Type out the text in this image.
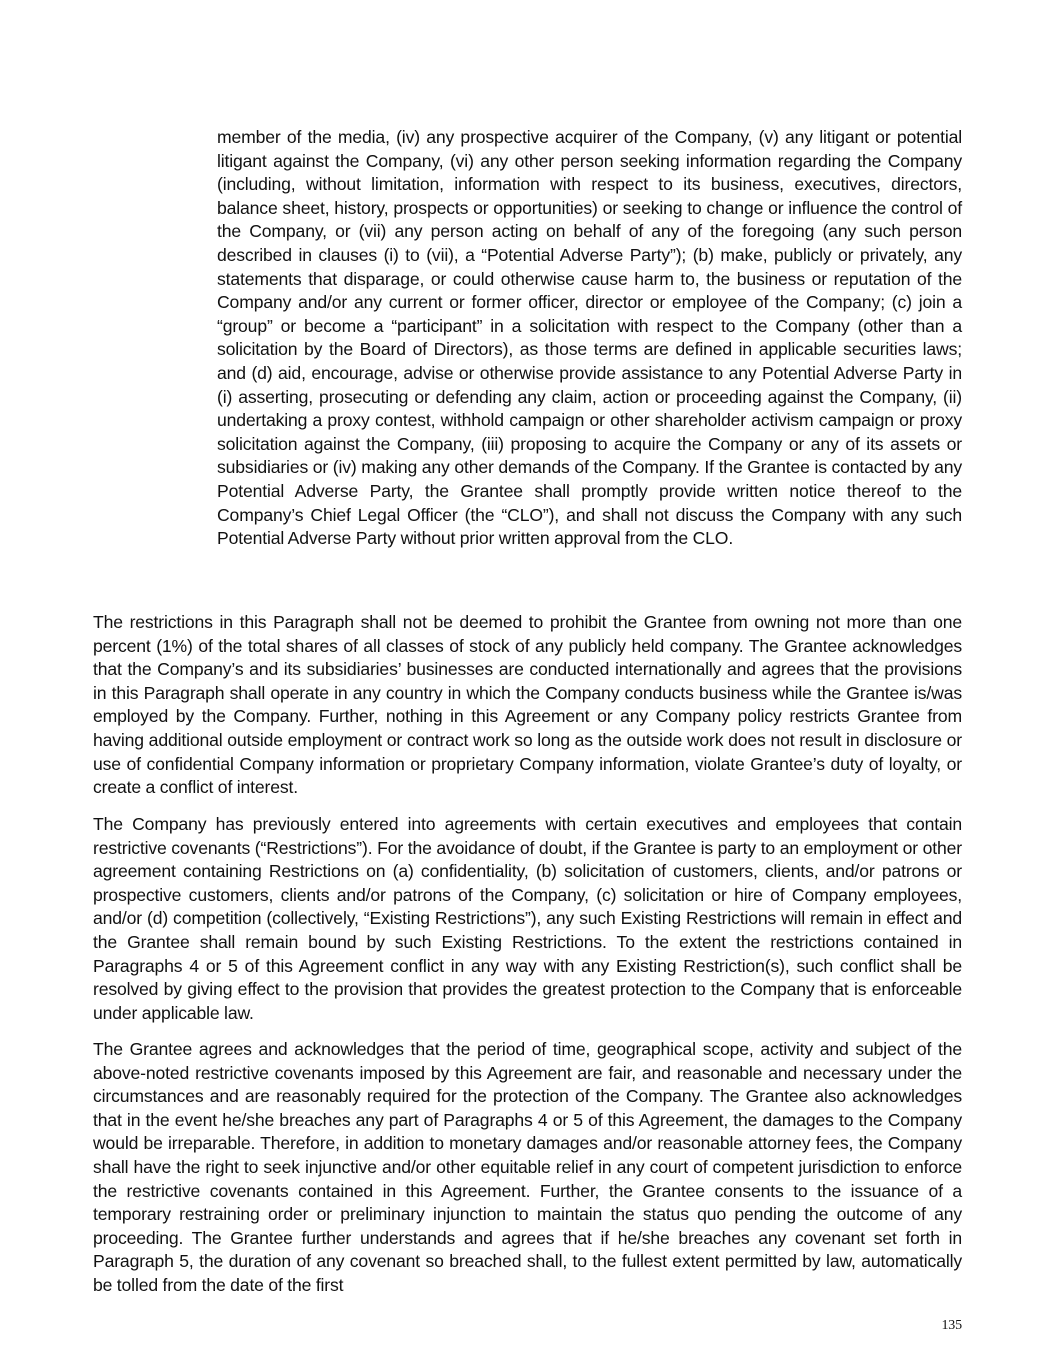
member of the media, (iv) any prospective acquirer of the Company, (v) any litigant or potential litigant against the Company, (vi) any other person seeking information regarding the Company (including, without limitation, information with respect to its business, executives, directors, balance sheet, history, prospects or opportunities) or seeking to change or influence the control of the Company, or (vii) any person acting on behalf of any of the foregoing (any such person described in clauses (i) to (vii), a “Potential Adverse Party”); (b) make, publicly or privately, any statements that disparage, or could otherwise cause harm to, the business or reputation of the Company and/or any current or former officer, director or employee of the Company; (c) join a “group” or become a “participant” in a solicitation with respect to the Company (other than a solicitation by the Board of Directors), as those terms are defined in applicable securities laws; and (d) aid, encourage, advise or otherwise provide assistance to any Potential Adverse Party in (i) asserting, prosecuting or defending any claim, action or proceeding against the Company, (ii) undertaking a proxy contest, withhold campaign or other shareholder activism campaign or proxy solicitation against the Company, (iii) proposing to acquire the Company or any of its assets or subsidiaries or (iv) making any other demands of the Company. If the Grantee is contacted by any Potential Adverse Party, the Grantee shall promptly provide written notice thereof to the Company’s Chief Legal Officer (the “CLO”), and shall not discuss the Company with any such Potential Adverse Party without prior written approval from the CLO.

The restrictions in this Paragraph shall not be deemed to prohibit the Grantee from owning not more than one percent (1%) of the total shares of all classes of stock of any publicly held company. The Grantee acknowledges that the Company’s and its subsidiaries’ businesses are conducted internationally and agrees that the provisions in this Paragraph shall operate in any country in which the Company conducts business while the Grantee is/was employed by the Company. Further, nothing in this Agreement or any Company policy restricts Grantee from having additional outside employment or contract work so long as the outside work does not result in disclosure or use of confidential Company information or proprietary Company information, violate Grantee’s duty of loyalty, or create a conflict of interest.

The Company has previously entered into agreements with certain executives and employees that contain restrictive covenants (“Restrictions”). For the avoidance of doubt, if the Grantee is party to an employment or other agreement containing Restrictions on (a) confidentiality, (b) solicitation of customers, clients, and/or patrons or prospective customers, clients and/or patrons of the Company, (c) solicitation or hire of Company employees, and/or (d) competition (collectively, “Existing Restrictions”), any such Existing Restrictions will remain in effect and the Grantee shall remain bound by such Existing Restrictions. To the extent the restrictions contained in Paragraphs 4 or 5 of this Agreement conflict in any way with any Existing Restriction(s), such conflict shall be resolved by giving effect to the provision that provides the greatest protection to the Company that is enforceable under applicable law.

The Grantee agrees and acknowledges that the period of time, geographical scope, activity and subject of the above-noted restrictive covenants imposed by this Agreement are fair, and reasonable and necessary under the circumstances and are reasonably required for the protection of the Company. The Grantee also acknowledges that in the event he/she breaches any part of Paragraphs 4 or 5 of this Agreement, the damages to the Company would be irreparable. Therefore, in addition to monetary damages and/or reasonable attorney fees, the Company shall have the right to seek injunctive and/or other equitable relief in any court of competent jurisdiction to enforce the restrictive covenants contained in this Agreement. Further, the Grantee consents to the issuance of a temporary restraining order or preliminary injunction to maintain the status quo pending the outcome of any proceeding. The Grantee further understands and agrees that if he/she breaches any covenant set forth in Paragraph 5, the duration of any covenant so breached shall, to the fullest extent permitted by law, automatically be tolled from the date of the first

135
